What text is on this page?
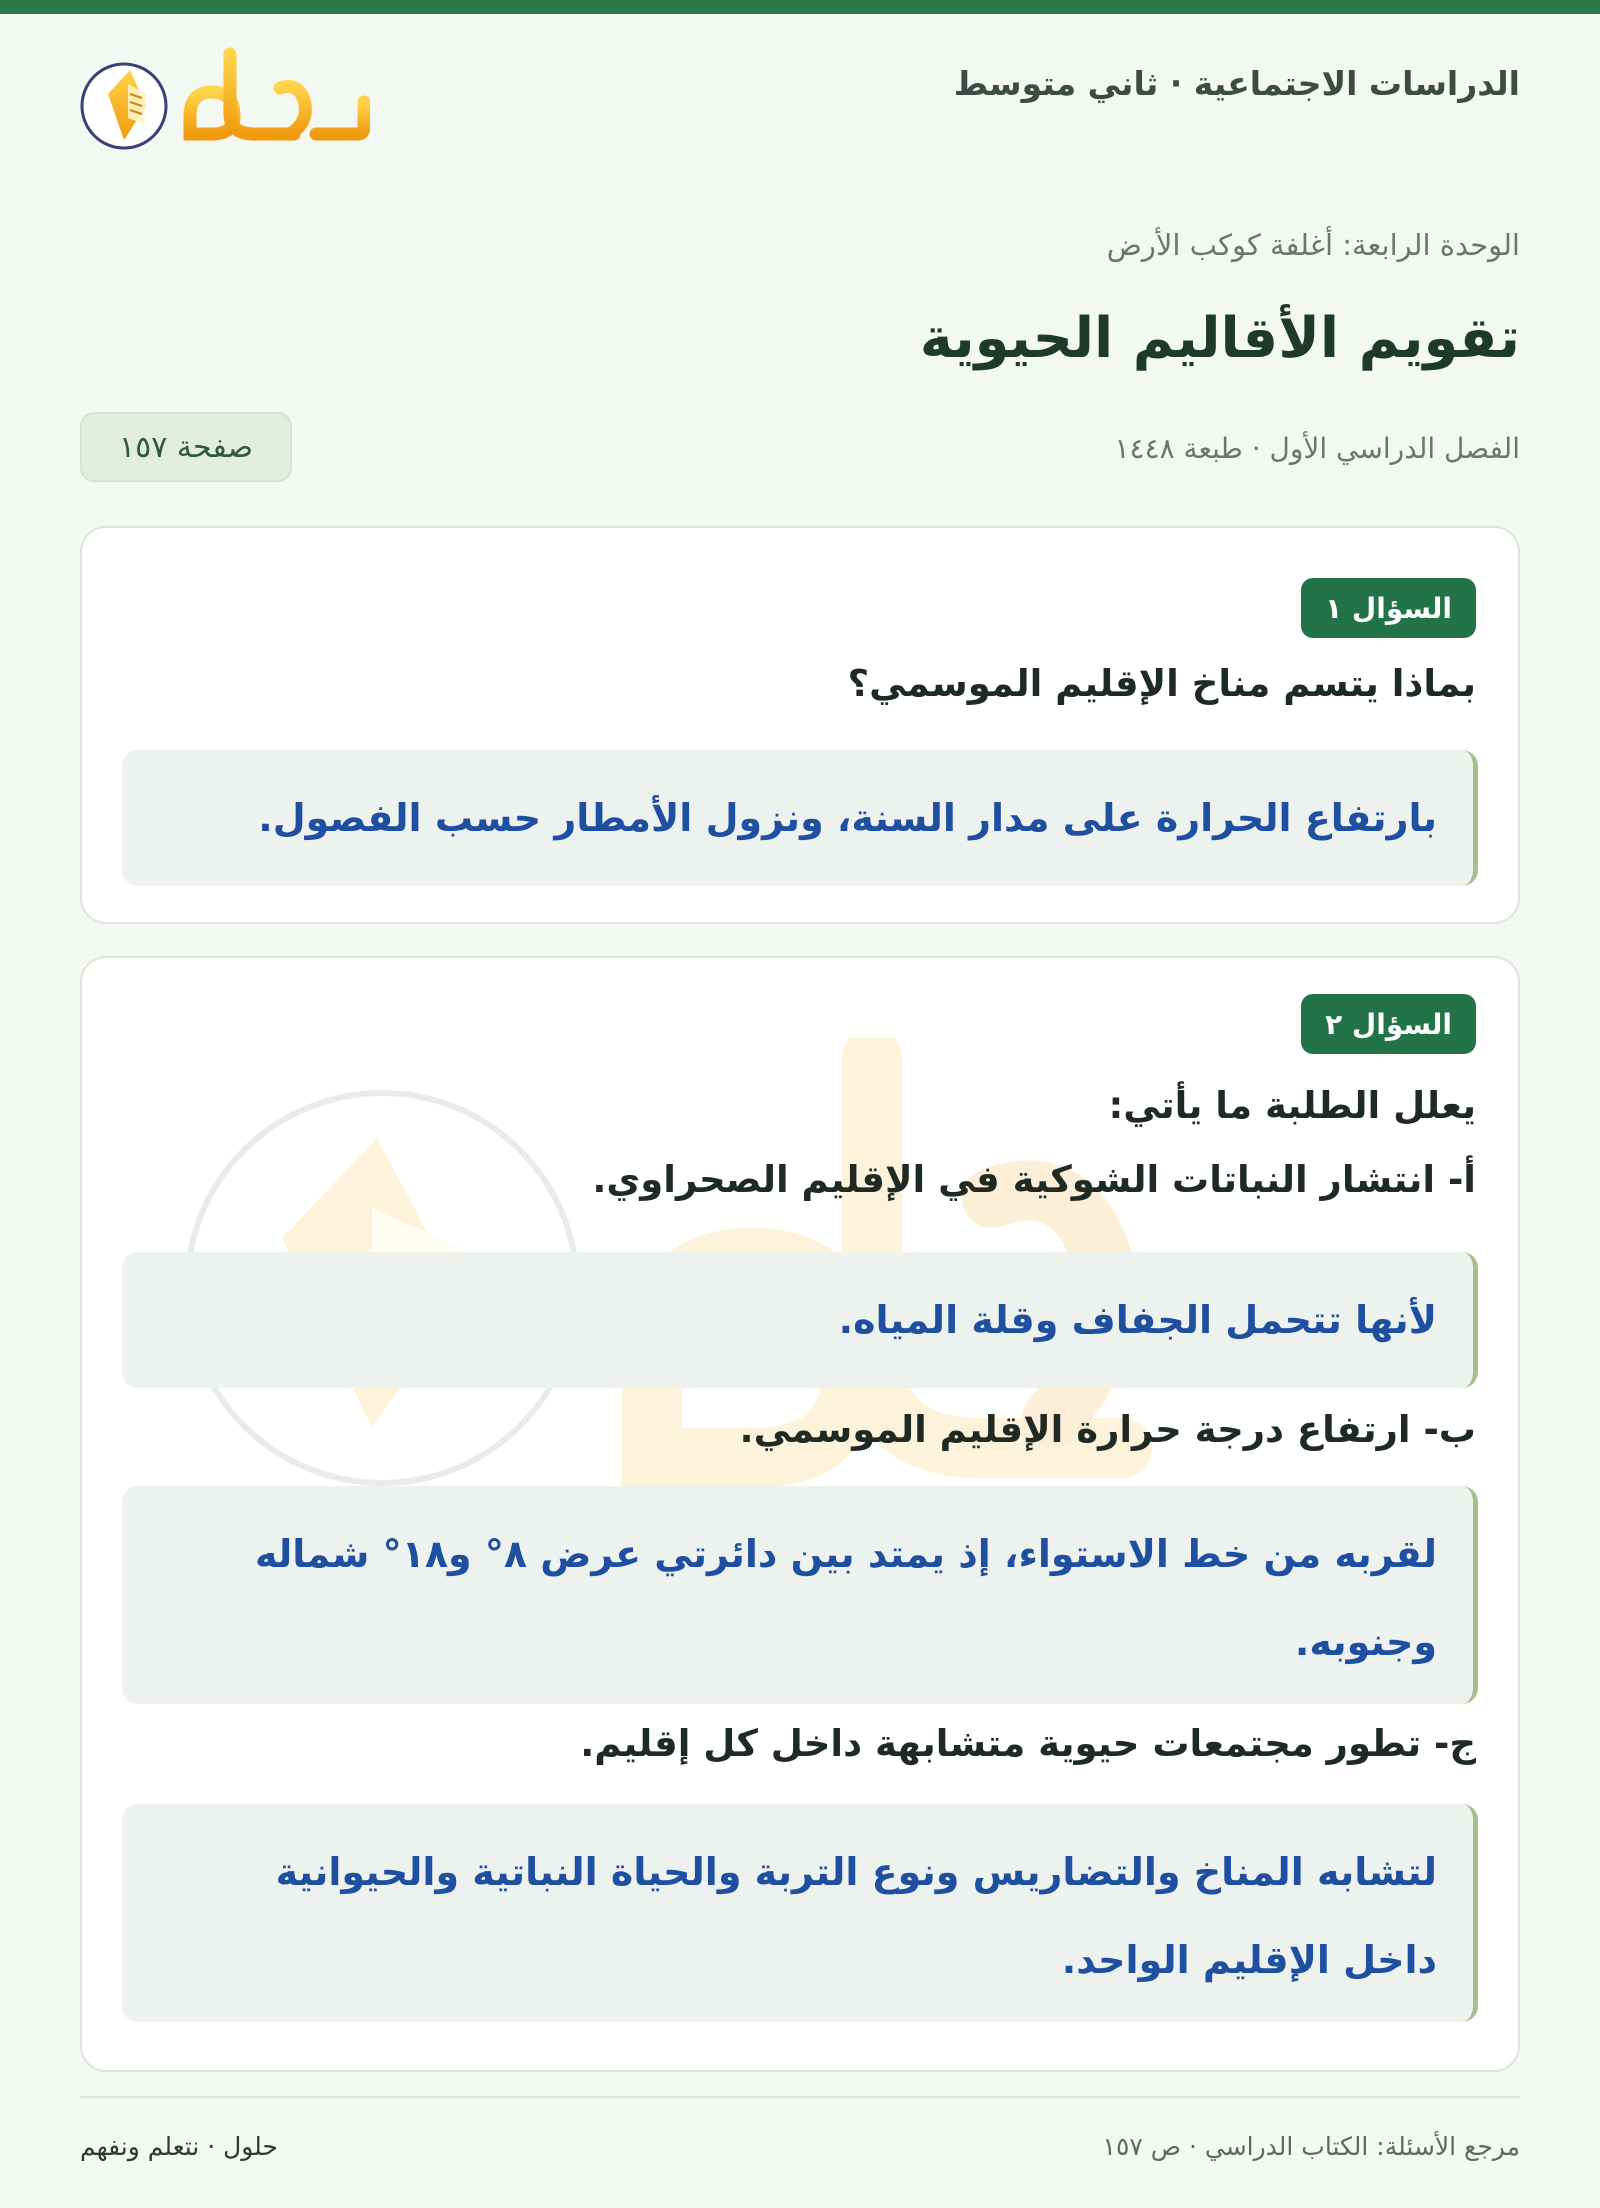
الدراسات الاجتماعية · ثاني متوسط
الوحدة الرابعة: أغلفة كوكب الأرض
تقويم الأقاليم الحيوية
الفصل الدراسي الأول · طبعة ١٤٤٨
صفحة ١٥٧
السؤال ١
بماذا يتسم مناخ الإقليم الموسمي؟
بارتفاع الحرارة على مدار السنة، ونزول الأمطار حسب الفصول.
السؤال ٢
يعلل الطلبة ما يأتي:
أ- انتشار النباتات الشوكية في الإقليم الصحراوي.
لأنها تتحمل الجفاف وقلة المياه.
ب- ارتفاع درجة حرارة الإقليم الموسمي.
لقربه من خط الاستواء، إذ يمتد بين دائرتي عرض ٨° و١٨° شماله
وجنوبه.
ج- تطور مجتمعات حيوية متشابهة داخل كل إقليم.
لتشابه المناخ والتضاريس ونوع التربة والحياة النباتية والحيوانية
داخل الإقليم الواحد.
مرجع الأسئلة: الكتاب الدراسي · ص ١٥٧
حلول · نتعلم ونفهم
